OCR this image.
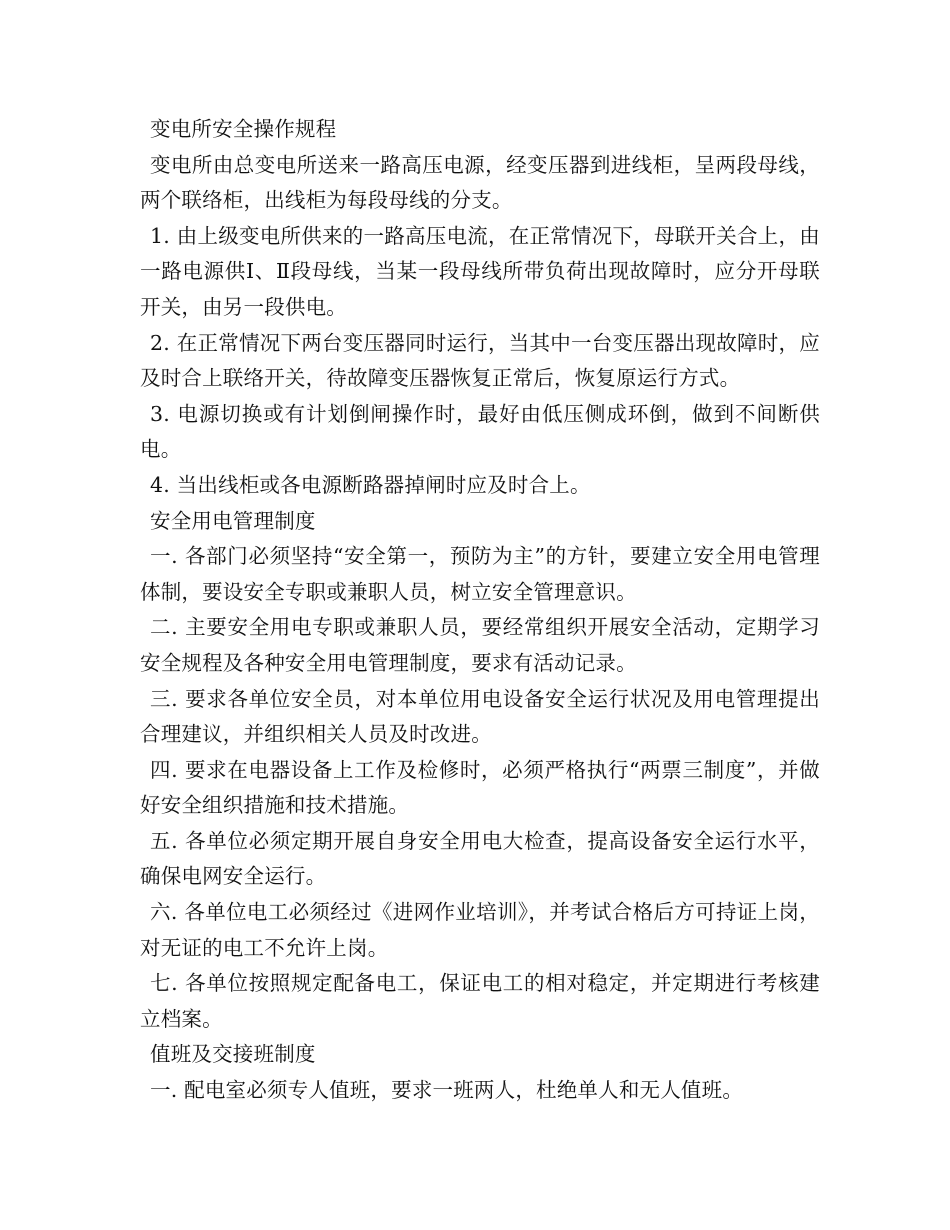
变电所安全操作规程

变电所由总变电所送来一路高压电源，经变压器到进线柜，呈两段母线，两个联络柜，出线柜为每段母线的分支。

1. 由上级变电所供来的一路高压电流，在正常情况下，母联开关合上，由一路电源供Ⅰ、Ⅱ段母线，当某一段母线所带负荷出现故障时，应分开母联开关，由另一段供电。

2. 在正常情况下两台变压器同时运行，当其中一台变压器出现故障时，应及时合上联络开关，待故障变压器恢复正常后，恢复原运行方式。

3. 电源切换或有计划倒闸操作时，最好由低压侧成环倒，做到不间断供电。

4. 当出线柜或各电源断路器掉闸时应及时合上。

安全用电管理制度

一. 各部门必须坚持“安全第一，预防为主”的方针，要建立安全用电管理体制，要设安全专职或兼职人员，树立安全管理意识。

二. 主要安全用电专职或兼职人员，要经常组织开展安全活动，定期学习安全规程及各种安全用电管理制度，要求有活动记录。

三. 要求各单位安全员，对本单位用电设备安全运行状况及用电管理提出合理建议，并组织相关人员及时改进。

四. 要求在电器设备上工作及检修时，必须严格执行“两票三制度”，并做好安全组织措施和技术措施。

五. 各单位必须定期开展自身安全用电大检查，提高设备安全运行水平，确保电网安全运行。

六. 各单位电工必须经过《进网作业培训》，并考试合格后方可持证上岗，对无证的电工不允许上岗。

七. 各单位按照规定配备电工，保证电工的相对稳定，并定期进行考核建立档案。

值班及交接班制度

一. 配电室必须专人值班，要求一班两人，杜绝单人和无人值班。
